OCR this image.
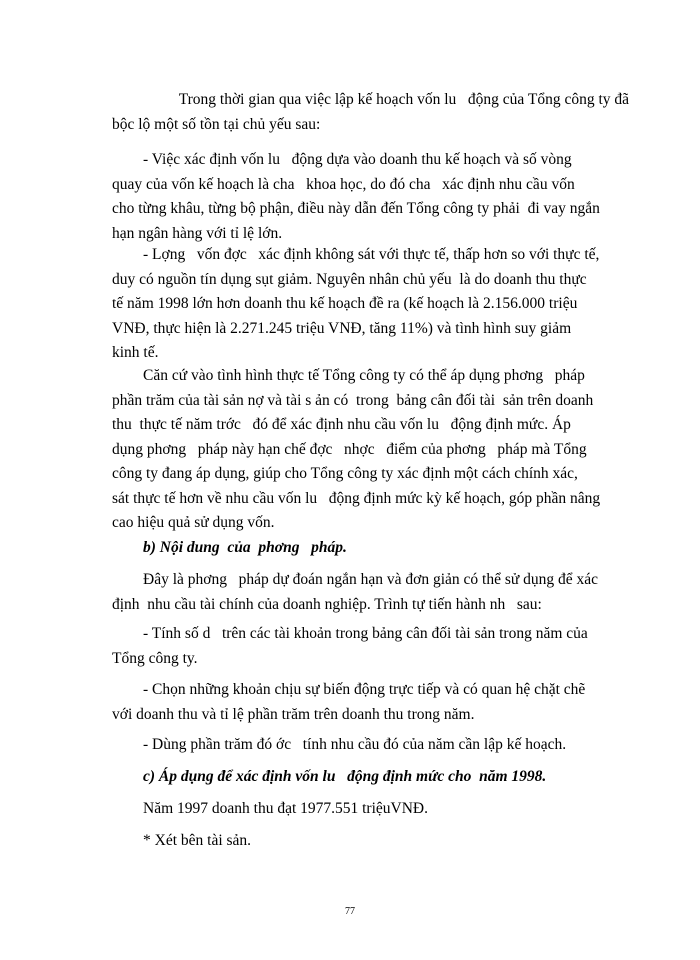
Trong thời gian qua việc lập kế hoạch vốn lu   động của Tổng công ty đã
bộc lộ một số tồn tại chủ yếu sau:

- Việc xác định vốn lu   động dựa vào doanh thu kế hoạch và số vòng
quay của vốn kế hoạch là cha   khoa học, do đó cha   xác định nhu cầu vốn
cho từng khâu, từng bộ phận, điều này dẫn đến Tổng công ty phải  đi vay ngắn
hạn ngân hàng với tỉ lệ lớn.

- Lợng   vốn đợc   xác định không sát với thực tế, thấp hơn so với thực tế,
duy có nguồn tín dụng sụt giảm. Nguyên nhân chủ yếu  là do doanh thu thực
tế năm 1998 lớn hơn doanh thu kế hoạch đề ra (kế hoạch là 2.156.000 triệu
VNĐ, thực hiện là 2.271.245 triệu VNĐ, tăng 11%) và tình hình suy giảm
kinh tế.

Căn cứ vào tình hình thực tế Tổng công ty có thể áp dụng phơng   pháp
phần trăm của tài sản nợ và tài s ản có  trong  bảng cân đối tài  sản trên doanh
thu  thực tế năm trớc   đó để xác định nhu cầu vốn lu   động định mức. Áp
dụng phơng   pháp này hạn chế đợc   nhợc   điểm của phơng   pháp mà Tổng
công ty đang áp dụng, giúp cho Tổng công ty xác định một cách chính xác,
sát thực tế hơn về nhu cầu vốn lu   động định mức kỳ kế hoạch, góp phần nâng
cao hiệu quả sử dụng vốn.

b) Nội dung  của  phơng   pháp.

Đây là phơng   pháp dự đoán ngắn hạn và đơn giản có thể sử dụng để xác
định  nhu cầu tài chính của doanh nghiệp. Trình tự tiến hành nh   sau:

- Tính số d   trên các tài khoản trong bảng cân đối tài sản trong năm của
Tổng công ty.

- Chọn những khoản chịu sự biến động trực tiếp và có quan hệ chặt chẽ
với doanh thu và tỉ lệ phần trăm trên doanh thu trong năm.

- Dùng phần trăm đó ớc   tính nhu cầu đó của năm cần lập kế hoạch.

c) Áp dụng để xác định vốn lu   động định mức cho  năm 1998.

Năm 1997 doanh thu đạt 1977.551 triệuVNĐ.

* Xét bên tài sản.

77
